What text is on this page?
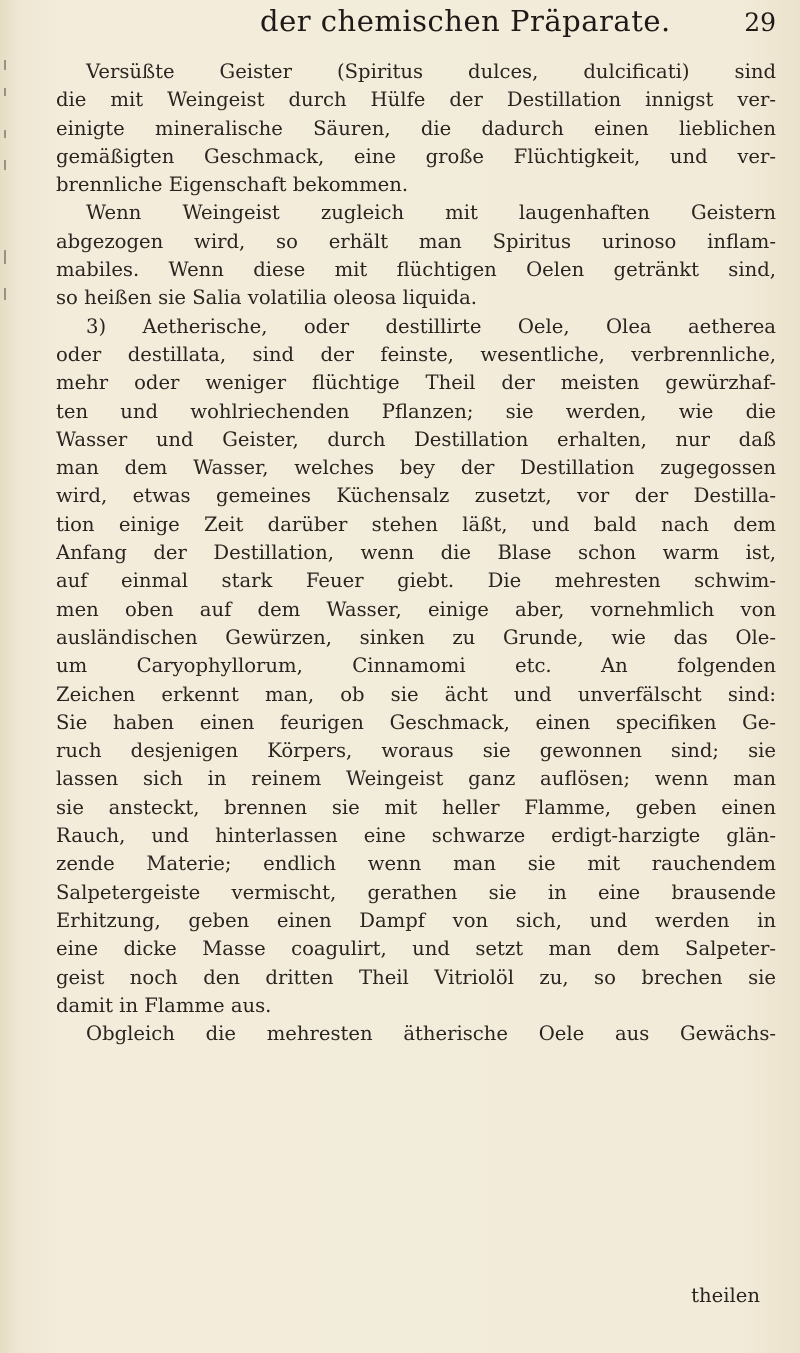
der chemischen Präparate.	29
Versüßte Geister (Spiritus dulces, dulcificati) sind
die mit Weingeist durch Hülfe der Destillation innigst ver-
einigte mineralische Säuren, die dadurch einen lieblichen
gemäßigten Geschmack, eine große Flüchtigkeit, und ver-
brennliche Eigenschaft bekommen.
Wenn Weingeist zugleich mit laugenhaften Geistern
abgezogen wird, so erhält man Spiritus urinoso inflam-
mabiles. Wenn diese mit flüchtigen Oelen getränkt sind,
so heißen sie Salia volatilia oleosa liquida.
3) Aetherische, oder destillirte Oele, Olea aetherea
oder destillata, sind der feinste, wesentliche, verbrennliche,
mehr oder weniger flüchtige Theil der meisten gewürzhaf-
ten und wohlriechenden Pflanzen; sie werden, wie die
Wasser und Geister, durch Destillation erhalten, nur daß
man dem Wasser, welches bey der Destillation zugegossen
wird, etwas gemeines Küchensalz zusetzt, vor der Destilla-
tion einige Zeit darüber stehen läßt, und bald nach dem
Anfang der Destillation, wenn die Blase schon warm ist,
auf einmal stark Feuer giebt. Die mehresten schwim-
men oben auf dem Wasser, einige aber, vornehmlich von
ausländischen Gewürzen, sinken zu Grunde, wie das Ole-
um Caryophyllorum, Cinnamomi etc. An folgenden
Zeichen erkennt man, ob sie ächt und unverfälscht sind:
Sie haben einen feurigen Geschmack, einen specifiken Ge-
ruch desjenigen Körpers, woraus sie gewonnen sind; sie
lassen sich in reinem Weingeist ganz auflösen; wenn man
sie ansteckt, brennen sie mit heller Flamme, geben einen
Rauch, und hinterlassen eine schwarze erdigt-harzigte glän-
zende Materie; endlich wenn man sie mit rauchendem
Salpetergeiste vermischt, gerathen sie in eine brausende
Erhitzung, geben einen Dampf von sich, und werden in
eine dicke Masse coagulirt, und setzt man dem Salpeter-
geist noch den dritten Theil Vitriolöl zu, so brechen sie
damit in Flamme aus.
Obgleich die mehresten ätherische Oele aus Gewächs-
theilen
